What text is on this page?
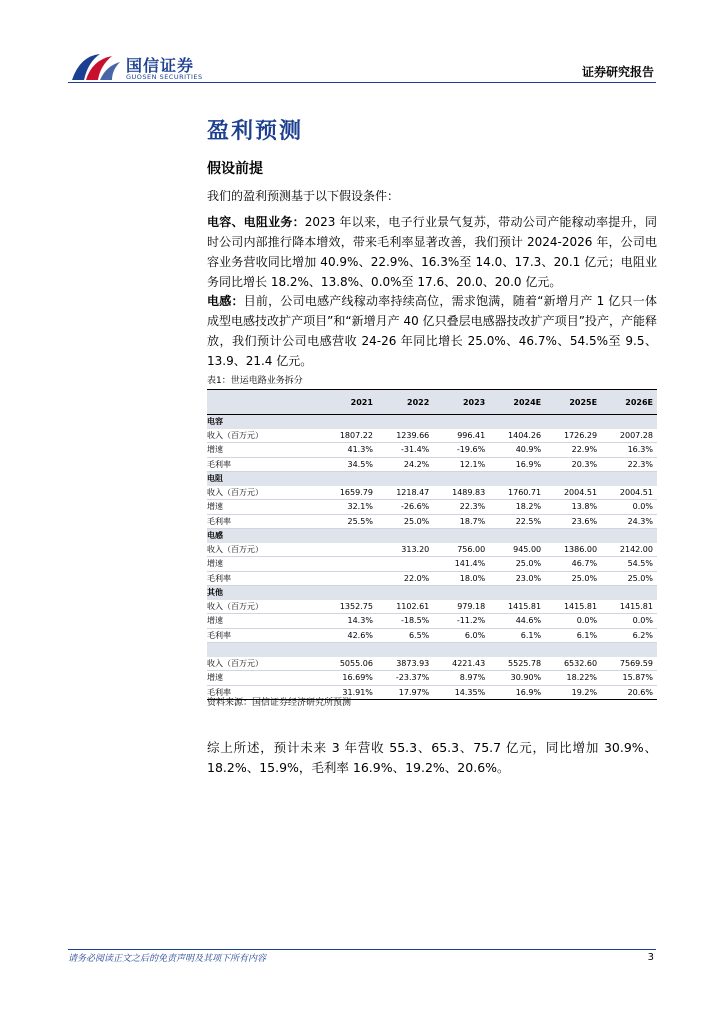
国信证券
GUOSEN SECURITIES	证券研究报告
盈利预测
假设前提
我们的盈利预测基于以下假设条件：
电容、电阻业务：2023 年以来，电子行业景气复苏，带动公司产能稼动率提升，同时公司内部推行降本增效，带来毛利率显著改善，我们预计 2024-2026 年，公司电容业务营收同比增加 40.9%、22.9%、16.3%至 14.0、17.3、20.1 亿元；电阻业务同比增长 18.2%、13.8%、0.0%至 17.6、20.0、20.0 亿元。
电感：目前，公司电感产线稼动率持续高位，需求饱满，随着“新增月产 1 亿只一体成型电感技改扩产项目”和“新增月产 40 亿只叠层电感器技改扩产项目”投产，产能释放，我们预计公司电感营收 24-26 年同比增长 25.0%、46.7%、54.5%至 9.5、13.9、21.4 亿元。
表1：世运电路业务拆分
	2021	2022	2023	2024E	2025E	2026E
电容						
收入（百万元）	1807.22	1239.66	996.41	1404.26	1726.29	2007.28
增速	41.3%	-31.4%	-19.6%	40.9%	22.9%	16.3%
毛利率	34.5%	24.2%	12.1%	16.9%	20.3%	22.3%
电阻						
收入（百万元）	1659.79	1218.47	1489.83	1760.71	2004.51	2004.51
增速	32.1%	-26.6%	22.3%	18.2%	13.8%	0.0%
毛利率	25.5%	25.0%	18.7%	22.5%	23.6%	24.3%
电感						
收入（百万元）		313.20	756.00	945.00	1386.00	2142.00
增速			141.4%	25.0%	46.7%	54.5%
毛利率		22.0%	18.0%	23.0%	25.0%	25.0%
其他						
收入（百万元）	1352.75	1102.61	979.18	1415.81	1415.81	1415.81
增速	14.3%	-18.5%	-11.2%	44.6%	0.0%	0.0%
毛利率	42.6%	6.5%	6.0%	6.1%	6.1%	6.2%

收入（百万元）	5055.06	3873.93	4221.43	5525.78	6532.60	7569.59
增速	16.69%	-23.37%	8.97%	30.90%	18.22%	15.87%
毛利率	31.91%	17.97%	14.35%	16.9%	19.2%	20.6%
资料来源：国信证券经济研究所预测
综上所述，预计未来 3 年营收 55.3、65.3、75.7 亿元，同比增加 30.9%、18.2%、15.9%，毛利率 16.9%、19.2%、20.6%。
请务必阅读正文之后的免责声明及其项下所有内容	3
